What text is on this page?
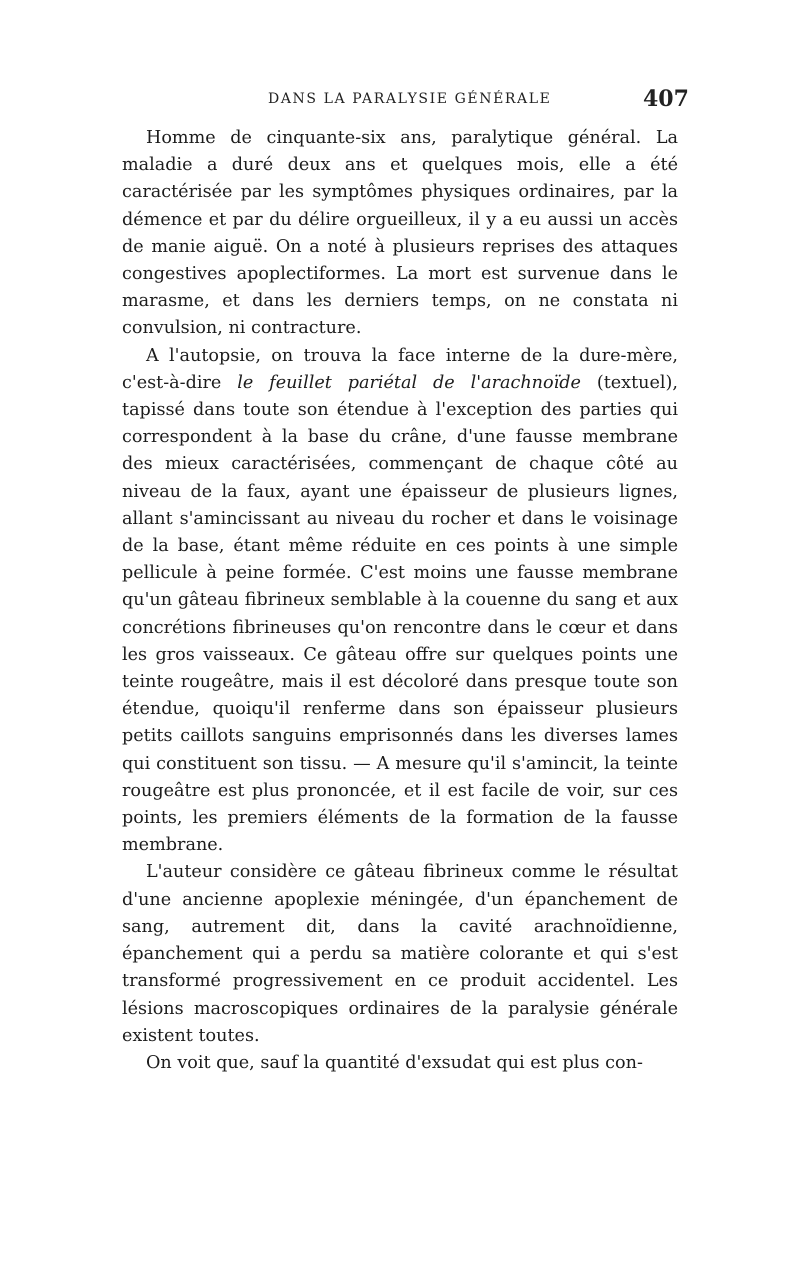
DANS LA PARALYSIE GÉNÉRALE	407

Homme de cinquante-six ans, paralytique général. La maladie a duré deux ans et quelques mois, elle a été caractérisée par les symptômes physiques ordinaires, par la démence et par du délire orgueilleux, il y a eu aussi un accès de manie aiguë. On a noté à plusieurs reprises des attaques congestives apoplectiformes. La mort est survenue dans le marasme, et dans les derniers temps, on ne constata ni convulsion, ni contracture.

A l'autopsie, on trouva la face interne de la dure-mère, c'est-à-dire le feuillet pariétal de l'arachnoïde (textuel), tapissé dans toute son étendue à l'exception des parties qui correspondent à la base du crâne, d'une fausse membrane des mieux caractérisées, commençant de chaque côté au niveau de la faux, ayant une épaisseur de plusieurs lignes, allant s'amincissant au niveau du rocher et dans le voisinage de la base, étant même réduite en ces points à une simple pellicule à peine formée. C'est moins une fausse membrane qu'un gâteau fibrineux semblable à la couenne du sang et aux concrétions fibrineuses qu'on rencontre dans le cœur et dans les gros vaisseaux. Ce gâteau offre sur quelques points une teinte rougeâtre, mais il est décoloré dans presque toute son étendue, quoiqu'il renferme dans son épaisseur plusieurs petits caillots sanguins emprisonnés dans les diverses lames qui constituent son tissu. — A mesure qu'il s'amincit, la teinte rougeâtre est plus prononcée, et il est facile de voir, sur ces points, les premiers éléments de la formation de la fausse membrane.

L'auteur considère ce gâteau fibrineux comme le résultat d'une ancienne apoplexie méningée, d'un épanchement de sang, autrement dit, dans la cavité arachnoïdienne, épanchement qui a perdu sa matière colorante et qui s'est transformé progressivement en ce produit accidentel. Les lésions macroscopiques ordinaires de la paralysie générale existent toutes.

On voit que, sauf la quantité d'exsudat qui est plus con-
